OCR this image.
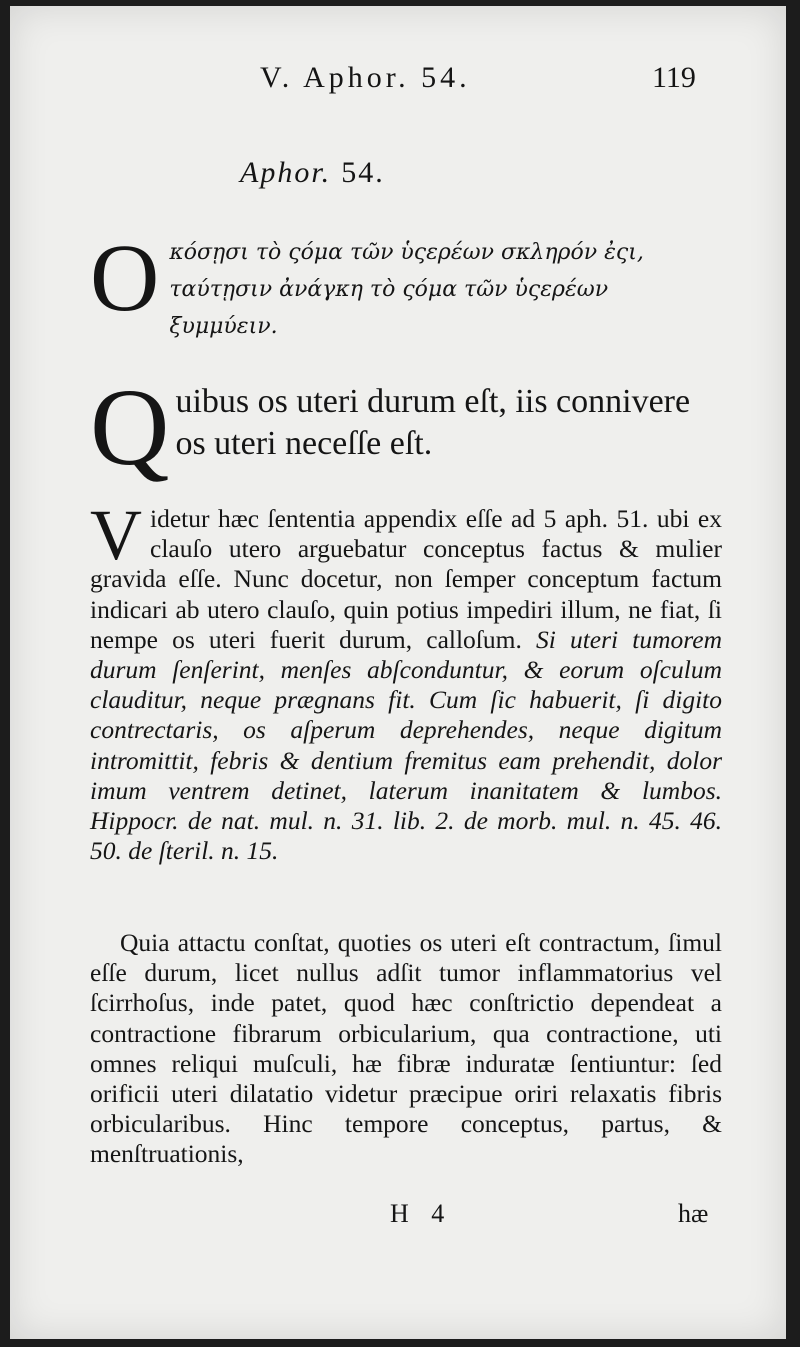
V. Aphor. 54.	119
Aphor. 54.
O κόσῃσι τὸ ςόμα τῶν ὑςερέων σκληρόν ἐςι, ταύτῃσιν ἀνάγκη τὸ ςόμα τῶν ὑςερέων ξυμμύειν.
Q uibus os uteri durum eſt, iis connivere os uteri neceſſe eſt.
V idetur hæc ſententia appendix eſſe ad 5 aph. 51. ubi ex clauſo utero arguebatur conceptus factus & mulier gravida eſſe. Nunc docetur, non ſemper conceptum factum indicari ab utero clauſo, quin potius impediri illum, ne fiat, ſi nempe os uteri fuerit durum, calloſum. Si uteri tumorem durum ſenſerint, menſes abſconduntur, & eorum oſculum clauditur, neque prægnans fit. Cum ſic habuerit, ſi digito contrectaris, os aſperum deprehendes, neque digitum intromittit, febris & dentium fremitus eam prehendit, dolor imum ventrem detinet, laterum inanitatem & lumbos. Hippocr. de nat. mul. n. 31. lib. 2. de morb. mul. n. 45. 46. 50. de ſteril. n. 15.
Quia attactu conſtat, quoties os uteri eſt contractum, ſimul eſſe durum, licet nullus adſit tumor inflammatorius vel ſcirrhoſus, inde patet, quod hæc conſtrictio dependeat a contractione fibrarum orbicularium, qua contractione, uti omnes reliqui muſculi, hæ fibræ induratæ ſentiuntur: ſed orificii uteri dilatatio videtur præcipue oriri relaxatis fibris orbicularibus. Hinc tempore conceptus, partus, & menſtruationis,
H 4	hæ
